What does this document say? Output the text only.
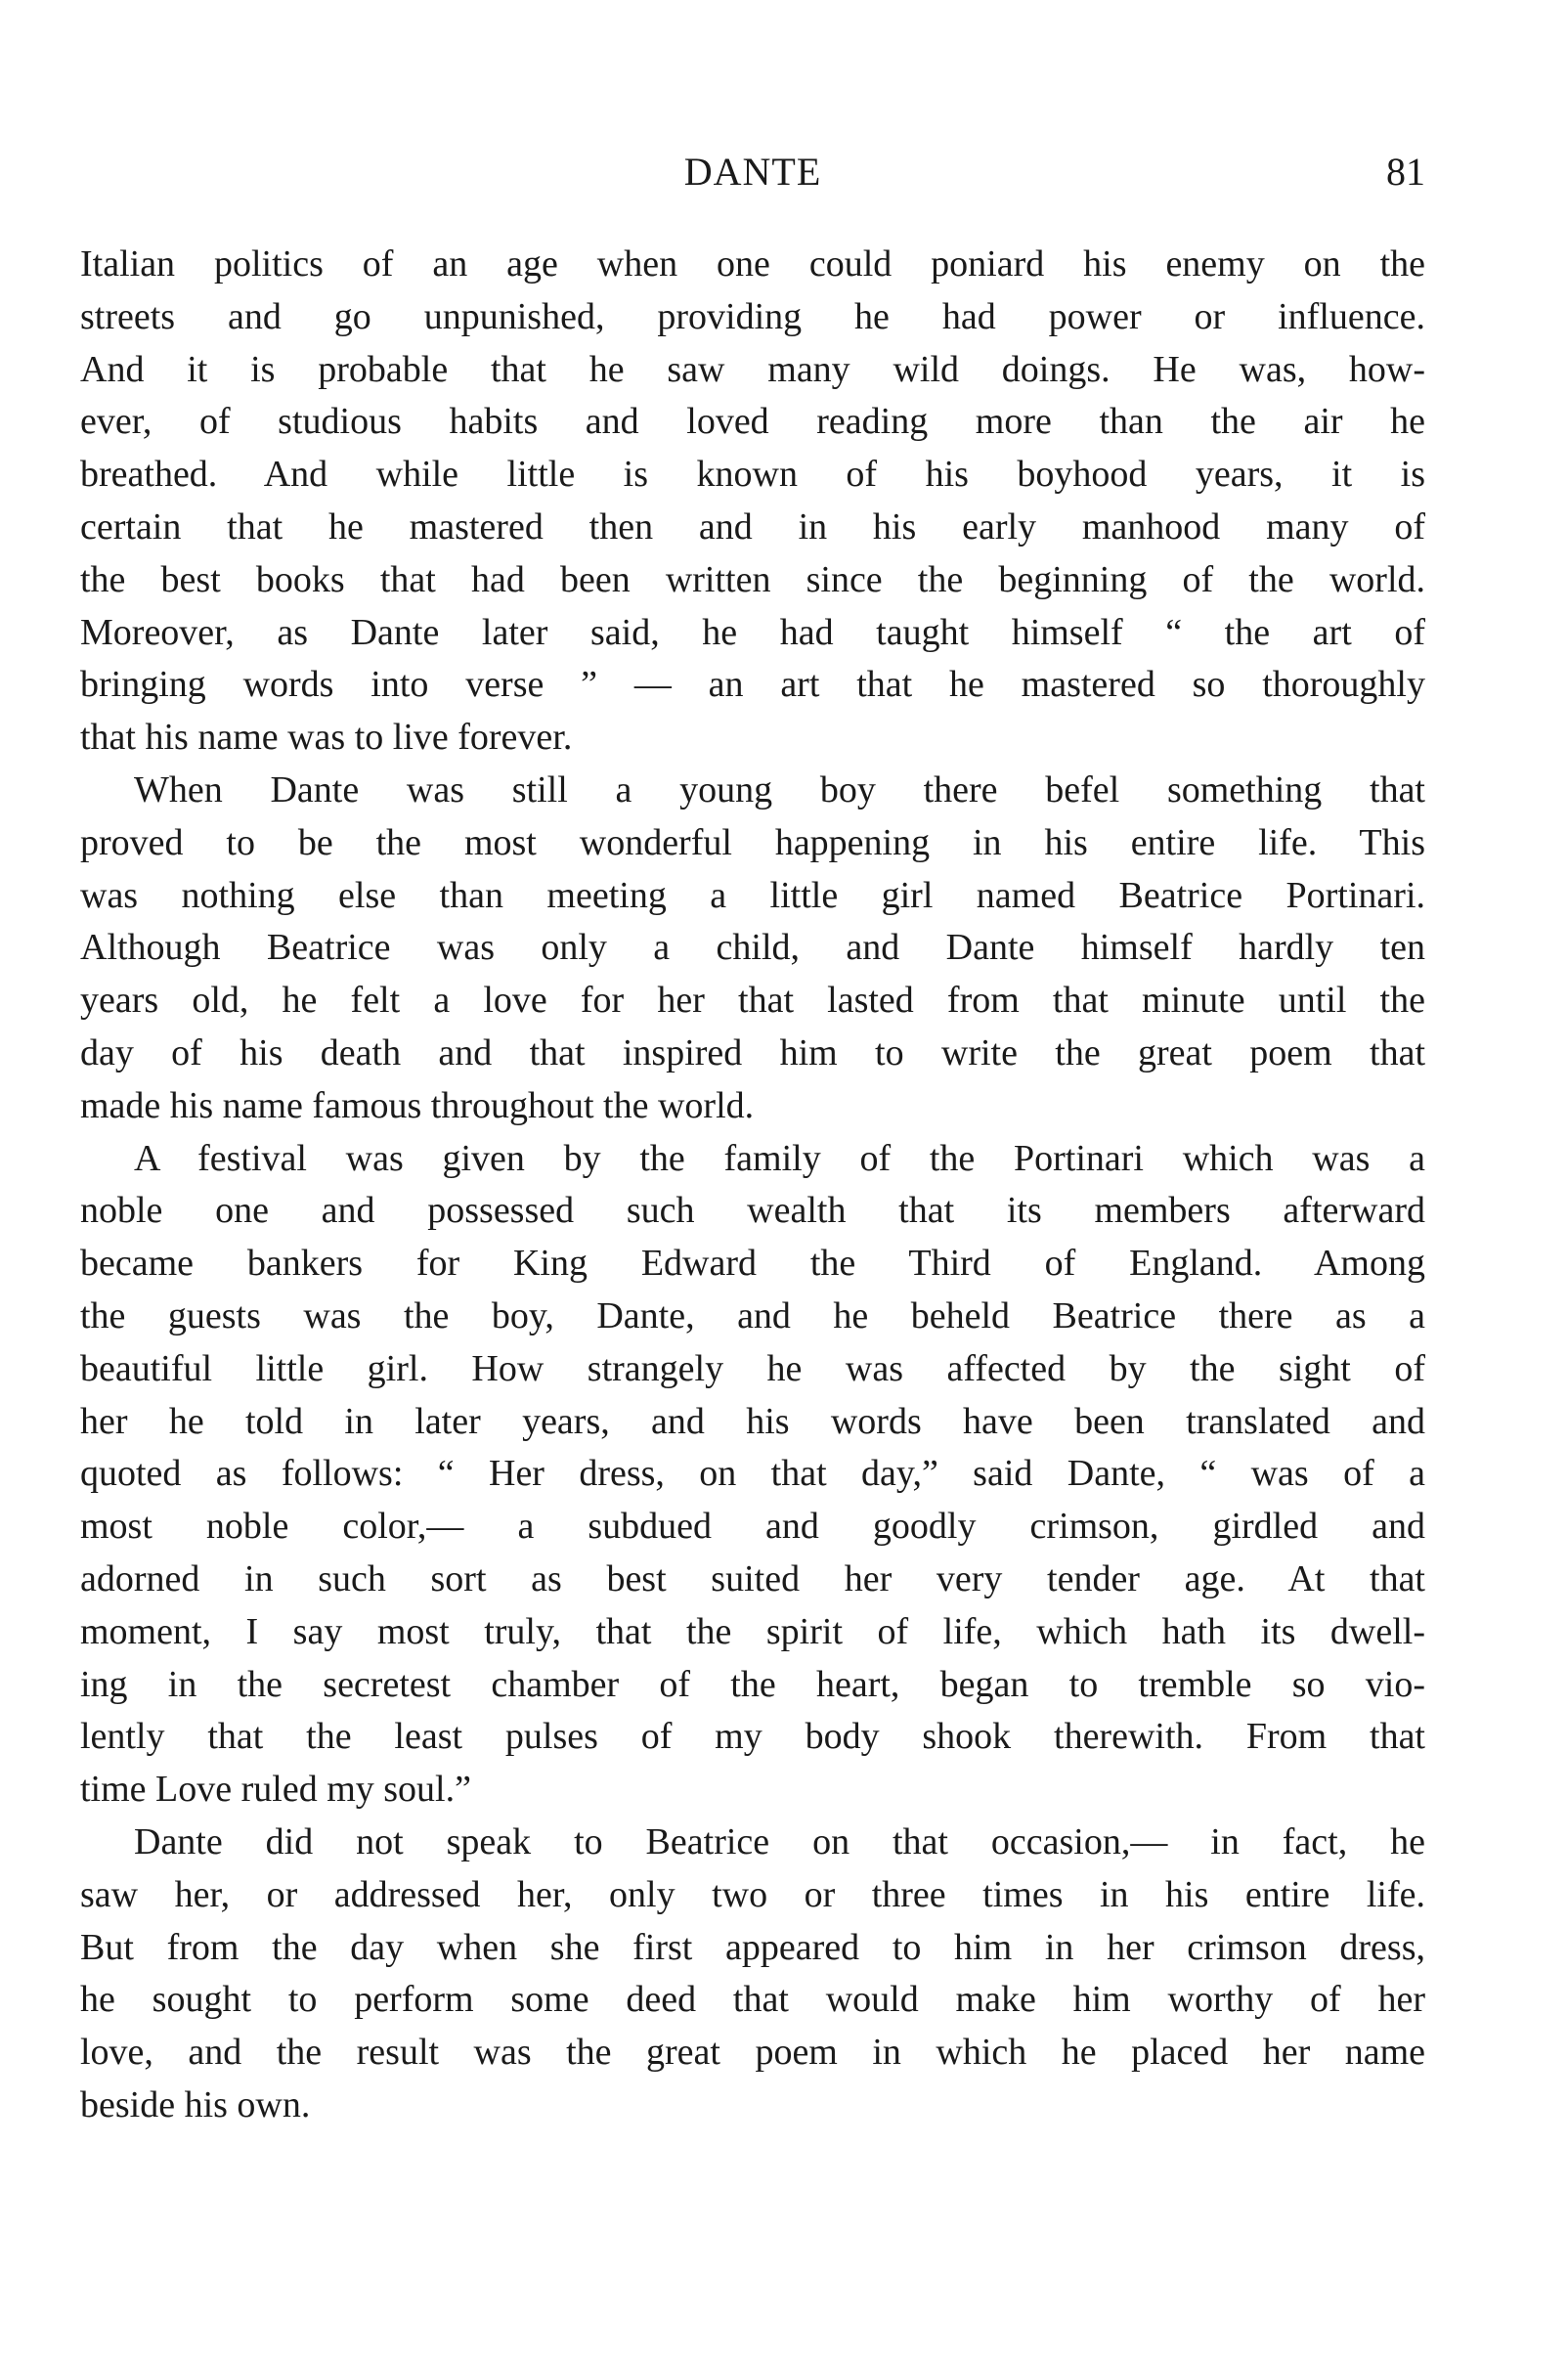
DANTE	81

Italian politics of an age when one could poniard his enemy on the
streets and go unpunished, providing he had power or influence.
And it is probable that he saw many wild doings. He was, how-
ever, of studious habits and loved reading more than the air he
breathed. And while little is known of his boyhood years, it is
certain that he mastered then and in his early manhood many of
the best books that had been written since the beginning of the world.
Moreover, as Dante later said, he had taught himself “ the art of
bringing words into verse ” — an art that he mastered so thoroughly
that his name was to live forever.

When Dante was still a young boy there befel something that
proved to be the most wonderful happening in his entire life. This
was nothing else than meeting a little girl named Beatrice Portinari.
Although Beatrice was only a child, and Dante himself hardly ten
years old, he felt a love for her that lasted from that minute until the
day of his death and that inspired him to write the great poem that
made his name famous throughout the world.

A festival was given by the family of the Portinari which was a
noble one and possessed such wealth that its members afterward
became bankers for King Edward the Third of England. Among
the guests was the boy, Dante, and he beheld Beatrice there as a
beautiful little girl. How strangely he was affected by the sight of
her he told in later years, and his words have been translated and
quoted as follows: “ Her dress, on that day,” said Dante, “ was of a
most noble color,— a subdued and goodly crimson, girdled and
adorned in such sort as best suited her very tender age. At that
moment, I say most truly, that the spirit of life, which hath its dwell-
ing in the secretest chamber of the heart, began to tremble so vio-
lently that the least pulses of my body shook therewith. From that
time Love ruled my soul.”

Dante did not speak to Beatrice on that occasion,— in fact, he
saw her, or addressed her, only two or three times in his entire life.
But from the day when she first appeared to him in her crimson dress,
he sought to perform some deed that would make him worthy of her
love, and the result was the great poem in which he placed her name
beside his own.
